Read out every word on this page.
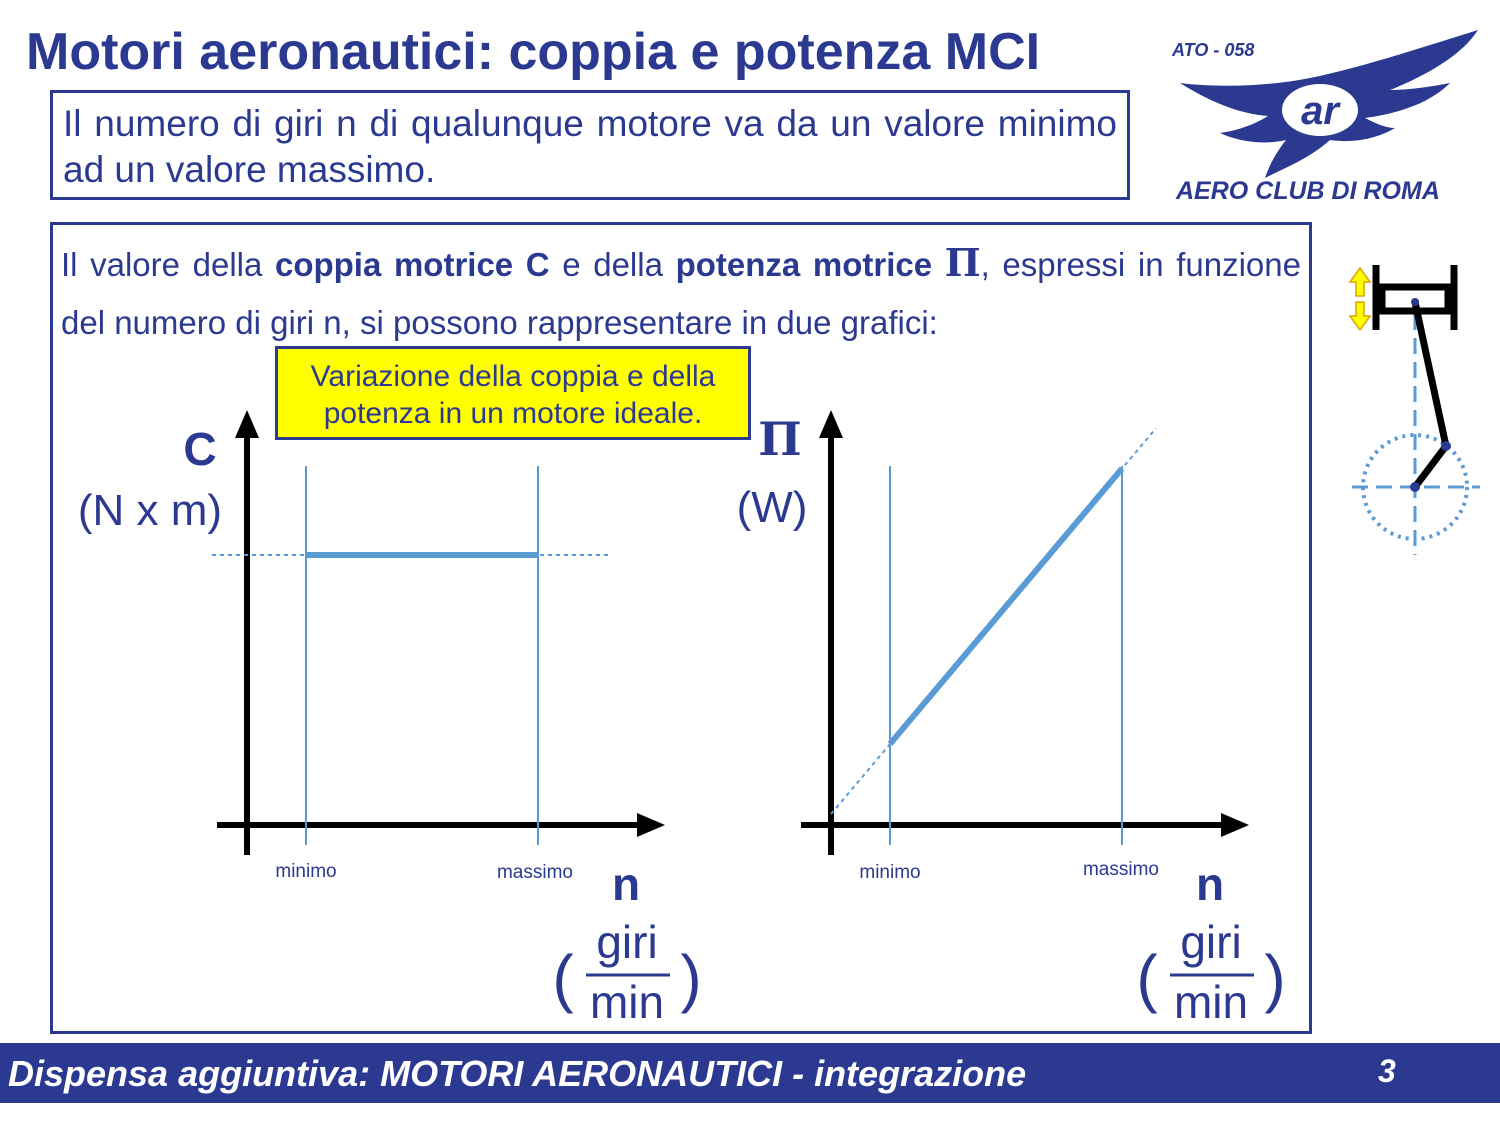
Motori aeronautici: coppia e potenza MCI
Il numero di giri n di qualunque motore va da un valore minimo ad un valore massimo.
ar
ATO - 058
AERO CLUB DI ROMA
Il valore della coppia motrice C e della potenza motrice Π, espressi in funzione del numero di giri n, si possono rappresentare in due grafici:
C
(N x m)
minimo	massimo n
( giri
min )
Π
(W)
minimo	massimo n
( giri
min )
Variazione della coppia e della
potenza in un motore ideale.
Dispensa aggiuntiva: MOTORI AERONAUTICI - integrazione	3
